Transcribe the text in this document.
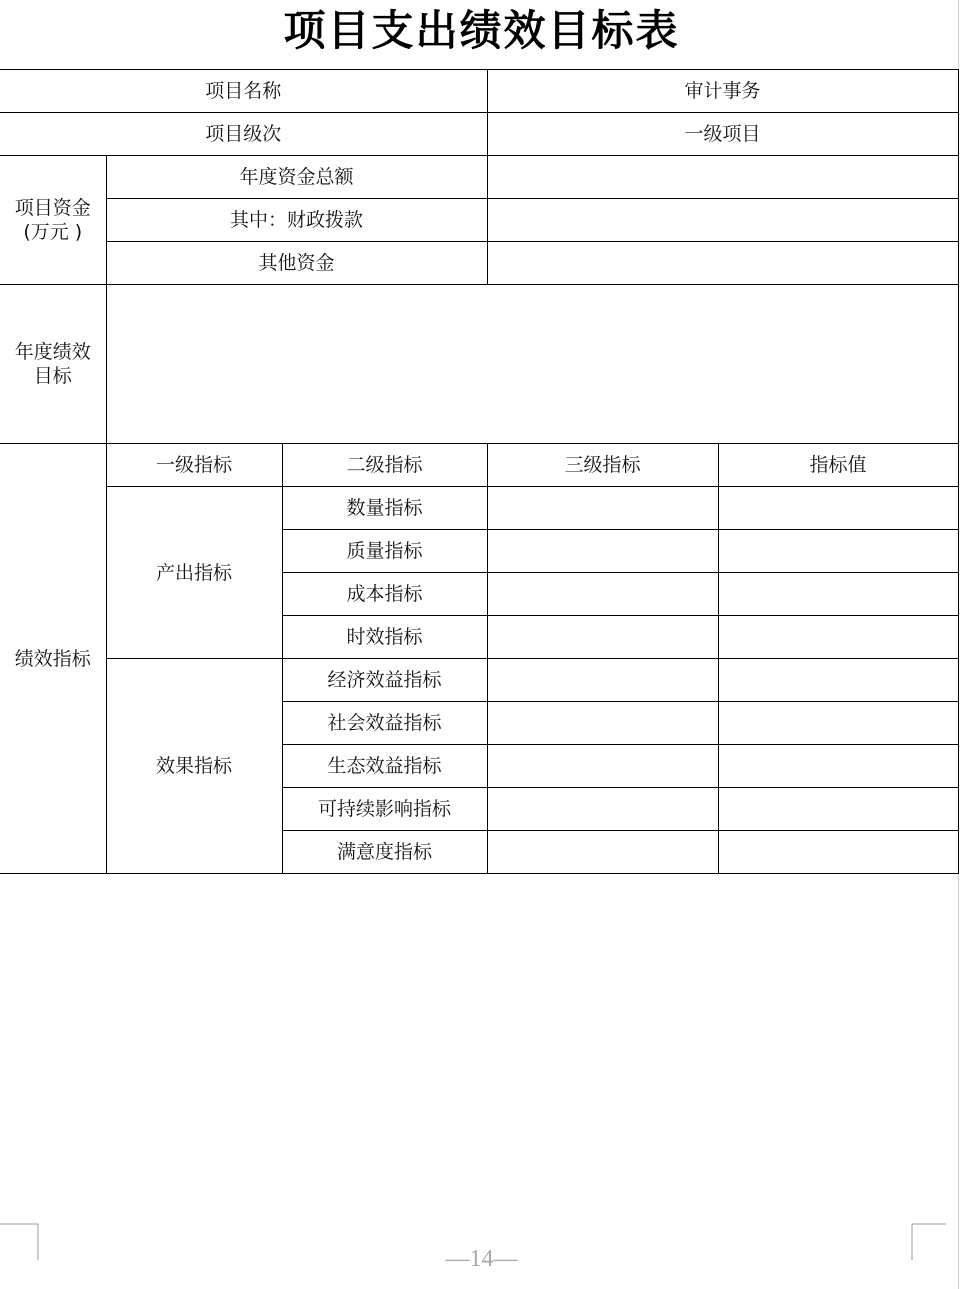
项目支出绩效目标表
项目名称			审计事务	
项目级次			一级项目	
项目资金
(万元 )	年度资金总额			
	其中：财政拨款			
	其他资金			
年度绩效
目标				
绩效指标	一级指标	二级指标	三级指标	指标值
	产出指标	数量指标		
		质量指标		
		成本指标		
		时效指标		
	效果指标	经济效益指标		
		社会效益指标		
		生态效益指标		
		可持续影响指标		
		满意度指标		
—14—
